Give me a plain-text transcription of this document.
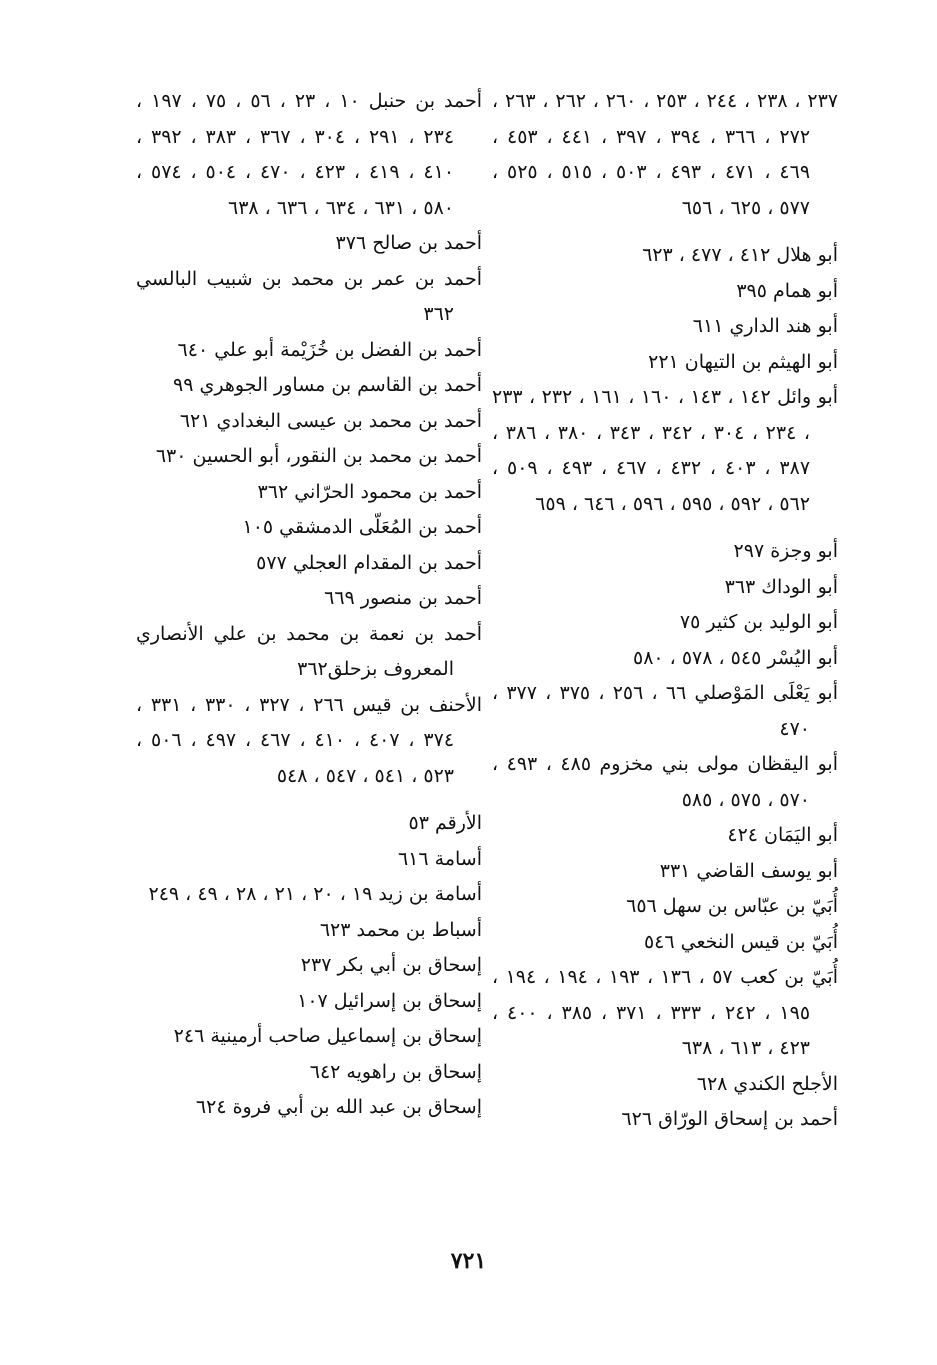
٢٣٧ ، ٢٣٨ ، ٢٤٤ ، ٢٥٣ ، ٢٦٠ ، ٢٦٢ ، ٢٦٣ ، ٢٧٢ ، ٣٦٦ ، ٣٩٤ ، ٣٩٧ ، ٤٤١ ، ٤٥٣ ، ٤٦٩ ، ٤٧١ ، ٤٩٣ ، ٥٠٣ ، ٥١٥ ، ٥٢٥ ، ٥٧٧ ، ٦٢٥ ، ٦٥٦

أبو هلال ٤١٢ ، ٤٧٧ ، ٦٢٣

أبو همام ٣٩٥

أبو هند الداري ٦١١

أبو الهيثم بن التيهان ٢٢١

أبو وائل ١٤٢ ، ١٤٣ ، ١٦٠ ، ١٦١ ، ٢٣٢ ، ٢٣٣ ، ٢٣٤ ، ٣٠٤ ، ٣٤٢ ، ٣٤٣ ، ٣٨٠ ، ٣٨٦ ، ٣٨٧ ، ٤٠٣ ، ٤٣٢ ، ٤٦٧ ، ٤٩٣ ، ٥٠٩ ، ٥٦٢ ، ٥٩٢ ، ٥٩٥ ، ٥٩٦ ، ٦٤٦ ، ٦٥٩

أبو وجزة ٢٩٧

أبو الوداك ٣٦٣

أبو الوليد بن كثير ٧٥

أبو اليُسْر ٥٤٥ ، ٥٧٨ ، ٥٨٠

أبو يَعْلَى المَوْصلي ٦٦ ، ٢٥٦ ، ٣٧٥ ، ٣٧٧ ، ٤٧٠

أبو اليقظان مولى بني مخزوم ٤٨٥ ، ٤٩٣ ، ٥٧٠ ، ٥٧٥ ، ٥٨٥

أبو اليَمَان ٤٢٤

أبو يوسف القاضي ٣٣١

أُبَيّ بن عبّاس بن سهل ٦٥٦

أُبَيّ بن قيس النخعي ٥٤٦

أُبَيّ بن كعب ٥٧ ، ١٣٦ ، ١٩٣ ، ١٩٤ ، ١٩٤ ، ١٩٥ ، ٢٤٢ ، ٣٣٣ ، ٣٧١ ، ٣٨٥ ، ٤٠٠ ، ٤٢٣ ، ٦١٣ ، ٦٣٨

الأجلح الكندي ٦٢٨

أحمد بن إسحاق الورّاق ٦٢٦

أحمد بن حنبل ١٠ ، ٢٣ ، ٥٦ ، ٧٥ ، ١٩٧ ، ٢٣٤ ، ٢٩١ ، ٣٠٤ ، ٣٦٧ ، ٣٨٣ ، ٣٩٢ ، ٤١٠ ، ٤١٩ ، ٤٢٣ ، ٤٧٠ ، ٥٠٤ ، ٥٧٤ ، ٥٨٠ ، ٦٣١ ، ٦٣٤ ، ٦٣٦ ، ٦٣٨

أحمد بن صالح ٣٧٦

أحمد بن عمر بن محمد بن شبيب البالسي ٣٦٢

أحمد بن الفضل بن خُزَيْمة أبو علي ٦٤٠

أحمد بن القاسم بن مساور الجوهري ٩٩

أحمد بن محمد بن عيسى البغدادي ٦٢١

أحمد بن محمد بن النقور، أبو الحسين ٦٣٠

أحمد بن محمود الحرّاني ٣٦٢

أحمد بن المُعَلّى الدمشقي ١٠٥

أحمد بن المقدام العجلي ٥٧٧

أحمد بن منصور ٦٦٩

أحمد بن نعمة بن محمد بن علي الأنصاري المعروف بزحلق٣٦٢

الأحنف بن قيس ٢٦٦ ، ٣٢٧ ، ٣٣٠ ، ٣٣١ ، ٣٧٤ ، ٤٠٧ ، ٤١٠ ، ٤٦٧ ، ٤٩٧ ، ٥٠٦ ، ٥٢٣ ، ٥٤١ ، ٥٤٧ ، ٥٤٨

الأرقم ٥٣

أسامة ٦١٦

أسامة بن زيد ١٩ ، ٢٠ ، ٢١ ، ٢٨ ، ٤٩ ، ٢٤٩

أسباط بن محمد ٦٢٣

إسحاق بن أبي بكر ٢٣٧

إسحاق بن إسرائيل ١٠٧

إسحاق بن إسماعيل صاحب أرمينية ٢٤٦

إسحاق بن راهويه ٦٤٢

إسحاق بن عبد الله بن أبي فروة ٦٢٤

٧٢١
